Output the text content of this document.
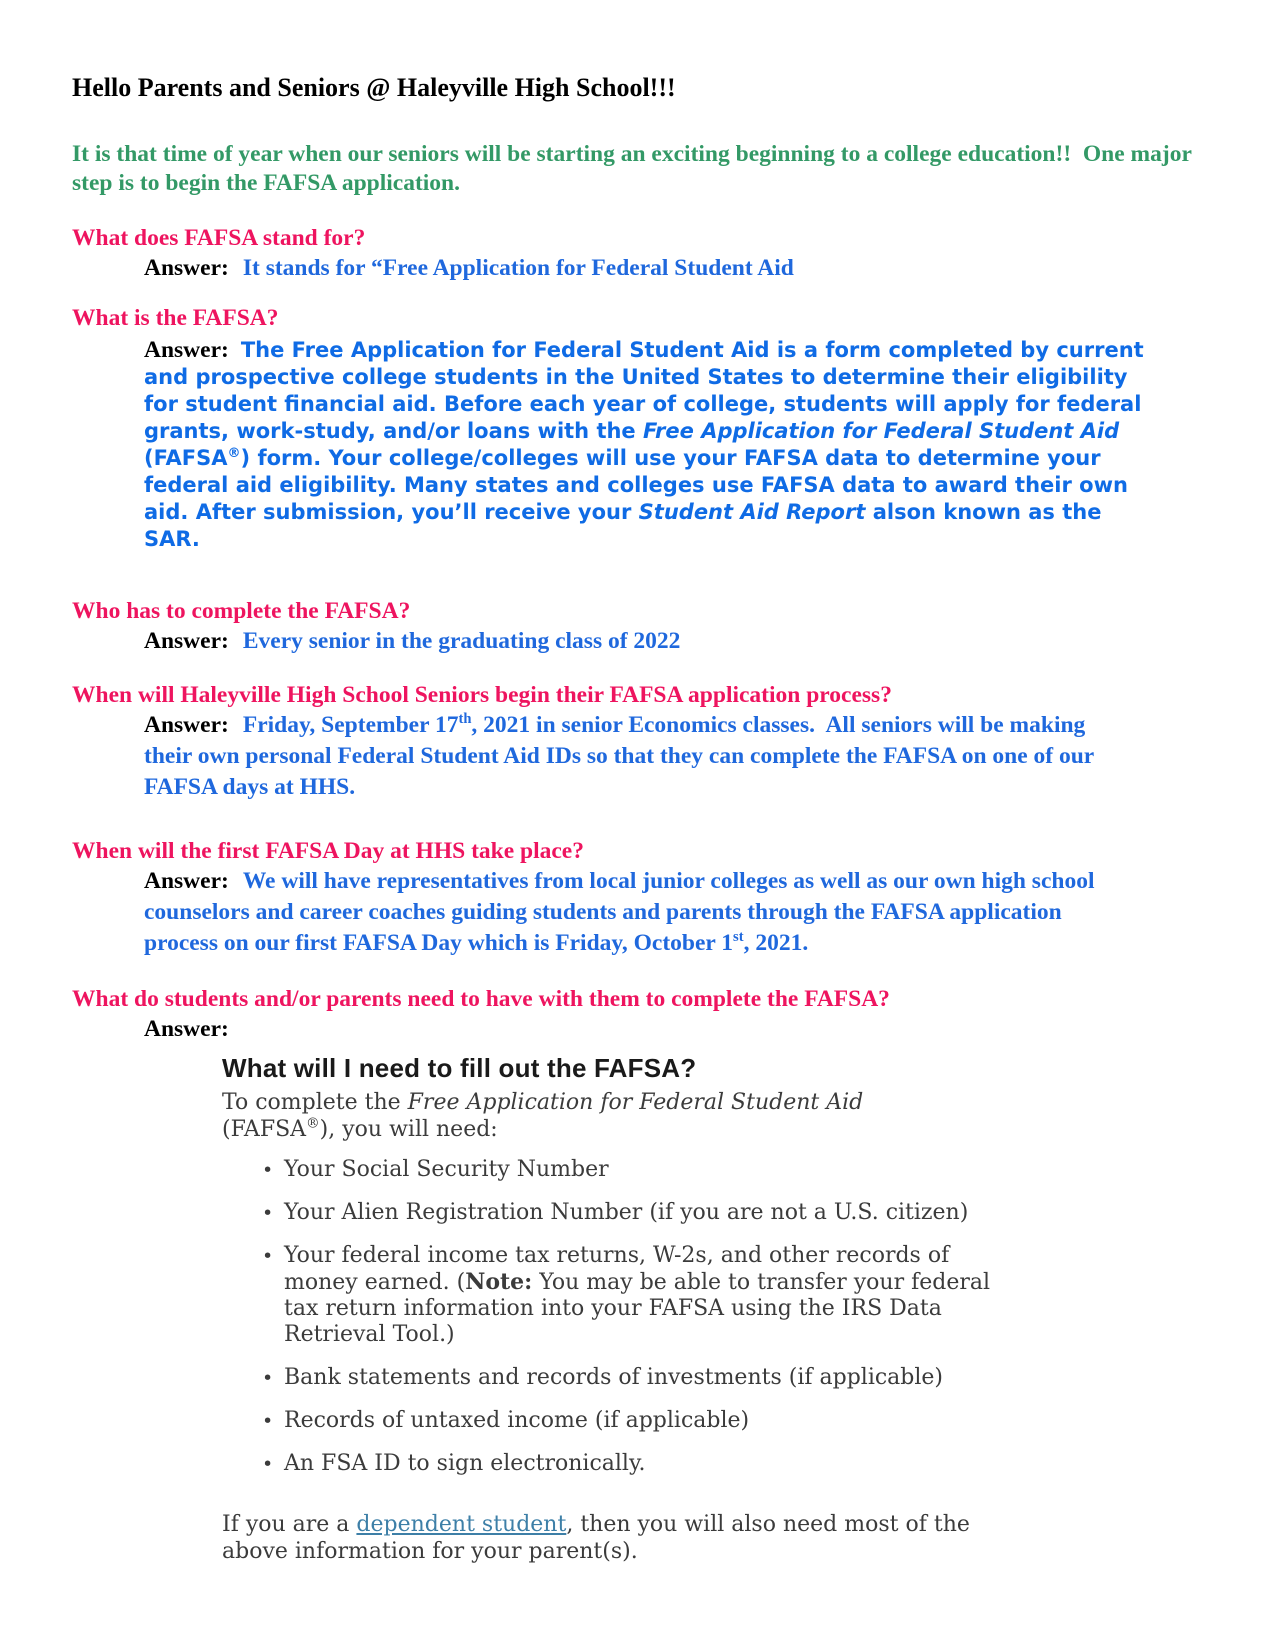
Hello Parents and Seniors @ Haleyville High School!!!

It is that time of year when our seniors will be starting an exciting beginning to a college education!!  One major step is to begin the FAFSA application.

What does FAFSA stand for?

Answer: It stands for “Free Application for Federal Student Aid

What is the FAFSA?

Answer: The Free Application for Federal Student Aid is a form completed by current and prospective college students in the United States to determine their eligibility for student financial aid. Before each year of college, students will apply for federal grants, work-study, and/or loans with the Free Application for Federal Student Aid (FAFSA®) form. Your college/colleges will use your FAFSA data to determine your federal aid eligibility. Many states and colleges use FAFSA data to award their own aid. After submission, you’ll receive your Student Aid Report alson known as the SAR.

Who has to complete the FAFSA?

Answer: Every senior in the graduating class of 2022

When will Haleyville High School Seniors begin their FAFSA application process?

Answer: Friday, September 17th, 2021 in senior Economics classes.  All seniors will be making their own personal Federal Student Aid IDs so that they can complete the FAFSA on one of our FAFSA days at HHS.

When will the first FAFSA Day at HHS take place?

Answer: We will have representatives from local junior colleges as well as our own high school counselors and career coaches guiding students and parents through the FAFSA application process on our first FAFSA Day which is Friday, October 1st, 2021.

What do students and/or parents need to have with them to complete the FAFSA?

Answer:

What will I need to fill out the FAFSA?

To complete the Free Application for Federal Student Aid (FAFSA®), you will need:

• Your Social Security Number
• Your Alien Registration Number (if you are not a U.S. citizen)
• Your federal income tax returns, W-2s, and other records of money earned. (Note: You may be able to transfer your federal tax return information into your FAFSA using the IRS Data Retrieval Tool.)
• Bank statements and records of investments (if applicable)
• Records of untaxed income (if applicable)
• An FSA ID to sign electronically.

If you are a dependent student, then you will also need most of the above information for your parent(s).
